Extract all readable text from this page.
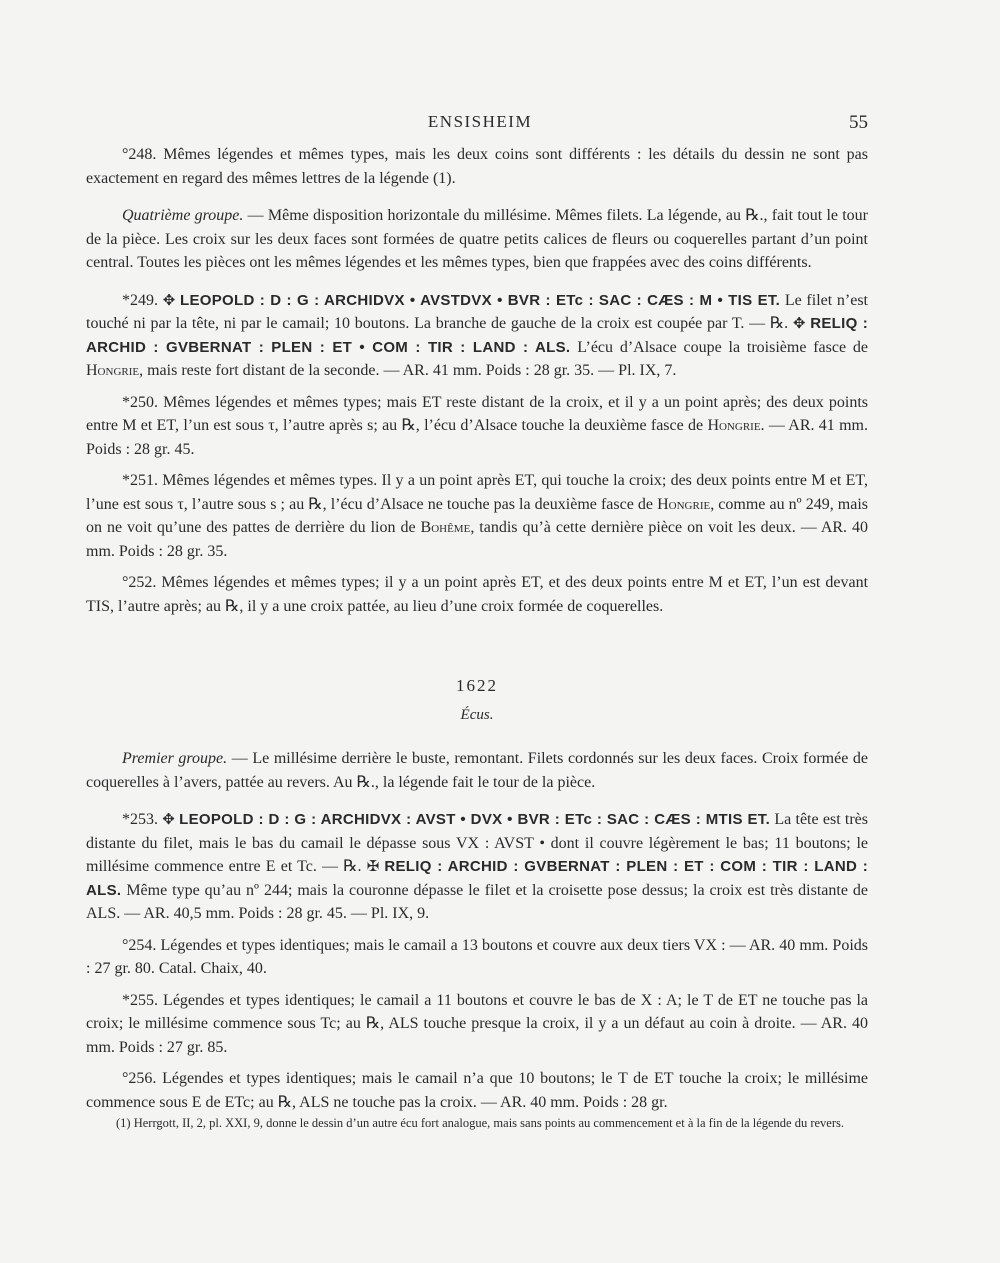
ENSISHEIM	55

°248. Mêmes légendes et mêmes types, mais les deux coins sont différents : les détails du dessin ne sont pas exactement en regard des mêmes lettres de la légende (1).

Quatrième groupe. — Même disposition horizontale du millésime. Mêmes filets. La légende, au ℞., fait tout le tour de la pièce. Les croix sur les deux faces sont formées de quatre petits calices de fleurs ou coquerelles partant d’un point central. Toutes les pièces ont les mêmes légendes et les mêmes types, bien que frappées avec des coins différents.

*249. ✥ LEOPOLD : D : G : ARCHIDVX • AVSTDVX • BVR : ETc : SAC : CÆS : M • TIS ET. Le filet n’est touché ni par la tête, ni par le camail; 10 boutons. La branche de gauche de la croix est coupée par T. — ℞. ✥ RELIQ : ARCHID : GVBERNAT : PLEN : ET • COM : TIR : LAND : ALS. L’écu d’Alsace coupe la troisième fasce de Hongrie, mais reste fort distant de la seconde. — AR. 41 mm. Poids : 28 gr. 35. — Pl. IX, 7.

*250. Mêmes légendes et mêmes types; mais ET reste distant de la croix, et il y a un point après; des deux points entre M et ET, l’un est sous τ, l’autre après s; au ℞, l’écu d’Alsace touche la deuxième fasce de Hongrie. — AR. 41 mm. Poids : 28 gr. 45.

*251. Mêmes légendes et mêmes types. Il y a un point après ET, qui touche la croix; des deux points entre M et ET, l’une est sous τ, l’autre sous s ; au ℞, l’écu d’Alsace ne touche pas la deuxième fasce de Hongrie, comme au nº 249, mais on ne voit qu’une des pattes de derrière du lion de Bohême, tandis qu’à cette dernière pièce on voit les deux. — AR. 40 mm. Poids : 28 gr. 35.

°252. Mêmes légendes et mêmes types; il y a un point après ET, et des deux points entre M et ET, l’un est devant TIS, l’autre après; au ℞, il y a une croix pattée, au lieu d’une croix formée de coquerelles.

1622
Écus.

Premier groupe. — Le millésime derrière le buste, remontant. Filets cordonnés sur les deux faces. Croix formée de coquerelles à l’avers, pattée au revers. Au ℞., la légende fait le tour de la pièce.

*253. ✥ LEOPOLD : D : G : ARCHIDVX : AVST • DVX • BVR : ETc : SAC : CÆS : MTIS ET. La tête est très distante du filet, mais le bas du camail le dépasse sous VX : AVST • dont il couvre légèrement le bas; 11 boutons; le millésime commence entre E et Tc. — ℞. ✠ RELIQ : ARCHID : GVBERNAT : PLEN : ET : COM : TIR : LAND : ALS. Même type qu’au nº 244; mais la couronne dépasse le filet et la croisette pose dessus; la croix est très distante de ALS. — AR. 40,5 mm. Poids : 28 gr. 45. — Pl. IX, 9.

°254. Légendes et types identiques; mais le camail a 13 boutons et couvre aux deux tiers VX : — AR. 40 mm. Poids : 27 gr. 80. Catal. Chaix, 40.

*255. Légendes et types identiques; le camail a 11 boutons et couvre le bas de X : A; le T de ET ne touche pas la croix; le millésime commence sous Tc; au ℞, ALS touche presque la croix, il y a un défaut au coin à droite. — AR. 40 mm. Poids : 27 gr. 85.

°256. Légendes et types identiques; mais le camail n’a que 10 boutons; le T de ET touche la croix; le millésime commence sous E de ETc; au ℞, ALS ne touche pas la croix. — AR. 40 mm. Poids : 28 gr.

(1) Herrgott, II, 2, pl. XXI, 9, donne le dessin d’un autre écu fort analogue, mais sans points au commencement et à la fin de la légende du revers.
